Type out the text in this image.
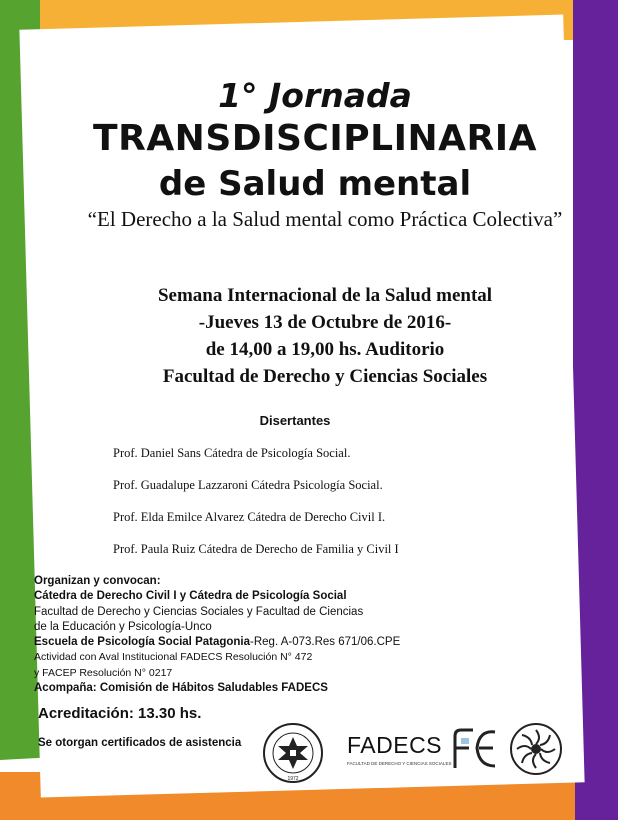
1° Jornada
TRANSDISCIPLINARIA
de Salud mental
“El Derecho a la Salud mental como Práctica Colectiva”
Semana Internacional de la Salud mental
-Jueves 13 de Octubre de 2016-
de 14,00 a 19,00 hs. Auditorio
Facultad de Derecho y Ciencias Sociales
Disertantes
Prof. Daniel Sans Cátedra de Psicología Social.
Prof. Guadalupe Lazzaroni Cátedra Psicología Social.
Prof. Elda Emilce Alvarez Cátedra de Derecho Civil I.
Prof. Paula Ruiz Cátedra de Derecho de Familia y Civil I
Organizan y convocan:
Cátedra de Derecho Civil I y Cátedra de Psicología Social
Facultad de Derecho y Ciencias Sociales y Facultad de Ciencias
de la Educación y Psicología-Unco
Escuela de Psicología Social Patagonia-Reg. A-073.Res 671/06.CPE
Actividad con Aval Institucional FADECS Resolución N° 472
y FACEP Resolución N° 0217
Acompaña: Comisión de Hábitos Saludables FADECS
Acreditación: 13.30 hs.
Se otorgan certificados de asistencia
1972
FADECS
FACULTAD DE DERECHO Y CIENCIAS SOCIALES
